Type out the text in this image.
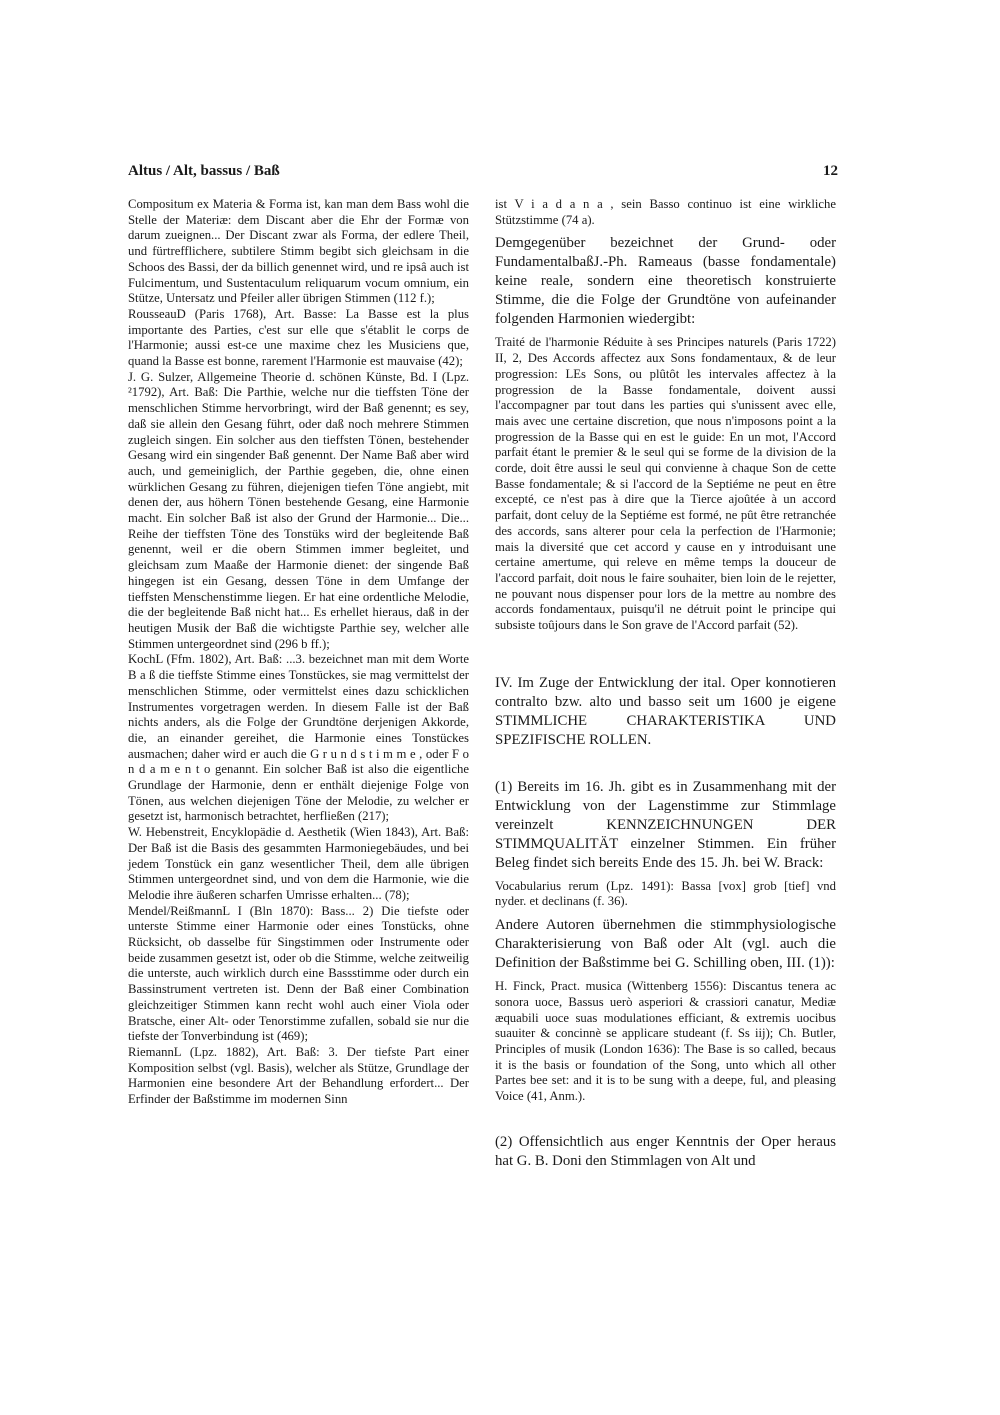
Altus / Alt, bassus / Baß	12

Compositum ex Materia & Forma ist, kan man dem Bass wohl die Stelle der Materiæ: dem Discant aber die Ehr der Formæ von darum zueignen... Der Discant zwar als Forma, der edlere Theil, und fürtrefflichere, subtilere Stimm begibt sich gleichsam in die Schoos des Bassi, der da billich genennet wird, und re ipsâ auch ist Fulcimentum, und Sustentaculum reliquarum vocum omnium, ein Stütze, Untersatz und Pfeiler aller übrigen Stimmen (112 f.);

RousseauD (Paris 1768), Art. Basse: La Basse est la plus importante des Parties, c'est sur elle que s'établit le corps de l'Harmonie; aussi est-ce une maxime chez les Musiciens que, quand la Basse est bonne, rarement l'Harmonie est mauvaise (42);

J. G. Sulzer, Allgemeine Theorie d. schönen Künste, Bd. I (Lpz. ²1792), Art. Baß: Die Parthie, welche nur die tieffsten Töne der menschlichen Stimme hervorbringt, wird der Baß genennt; es sey, daß sie allein den Gesang führt, oder daß noch mehrere Stimmen zugleich singen. Ein solcher aus den tieffsten Tönen, bestehender Gesang wird ein singender Baß genennt. Der Name Baß aber wird auch, und gemeiniglich, der Parthie gegeben, die, ohne einen würklichen Gesang zu führen, diejenigen tiefen Töne angiebt, mit denen der, aus höhern Tönen bestehende Gesang, eine Harmonie macht. Ein solcher Baß ist also der Grund der Harmonie... Die... Reihe der tieffsten Töne des Tonstüks wird der begleitende Baß genennt, weil er die obern Stimmen immer begleitet, und gleichsam zum Maaße der Harmonie dienet: der singende Baß hingegen ist ein Gesang, dessen Töne in dem Umfange der tieffsten Menschenstimme liegen. Er hat eine ordentliche Melodie, die der begleitende Baß nicht hat... Es erhellet hieraus, daß in der heutigen Musik der Baß die wichtigste Parthie sey, welcher alle Stimmen untergeordnet sind (296 b ff.);

KochL (Ffm. 1802), Art. Baß: ...3. bezeichnet man mit dem Worte B a ß die tieffste Stimme eines Tonstückes, sie mag vermittelst der menschlichen Stimme, oder vermittelst eines dazu schicklichen Instrumentes vorgetragen werden. In diesem Falle ist der Baß nichts anders, als die Folge der Grundtöne derjenigen Akkorde, die, an einander gereihet, die Harmonie eines Tonstückes ausmachen; daher wird er auch die G r u n d s t i m m e , oder F o n d a m e n t o genannt. Ein solcher Baß ist also die eigentliche Grundlage der Harmonie, denn er enthält diejenige Folge von Tönen, aus welchen diejenigen Töne der Melodie, zu welcher er gesetzt ist, harmonisch betrachtet, herfließen (217);

W. Hebenstreit, Encyklopädie d. Aesthetik (Wien 1843), Art. Baß: Der Baß ist die Basis des gesammten Harmoniegebäudes, und bei jedem Tonstück ein ganz wesentlicher Theil, dem alle übrigen Stimmen untergeordnet sind, und von dem die Harmonie, wie die Melodie ihre äußeren scharfen Umrisse erhalten... (78);

Mendel/ReißmannL I (Bln 1870): Bass... 2) Die tiefste oder unterste Stimme einer Harmonie oder eines Tonstücks, ohne Rücksicht, ob dasselbe für Singstimmen oder Instrumente oder beide zusammen gesetzt ist, oder ob die Stimme, welche zeitweilig die unterste, auch wirklich durch eine Bassstimme oder durch ein Bassinstrument vertreten ist. Denn der Baß einer Combination gleichzeitiger Stimmen kann recht wohl auch einer Viola oder Bratsche, einer Alt- oder Tenorstimme zufallen, sobald sie nur die tiefste der Tonverbindung ist (469);

RiemannL (Lpz. 1882), Art. Baß: 3. Der tiefste Part einer Komposition selbst (vgl. Basis), welcher als Stütze, Grundlage der Harmonien eine besondere Art der Behandlung erfordert... Der Erfinder der Baßstimme im modernen Sinn

ist V i a d a n a , sein Basso continuo ist eine wirkliche Stützstimme (74 a).

Demgegenüber bezeichnet der Grund- oder FundamentalbaßJ.-Ph. Rameaus (basse fondamentale) keine reale, sondern eine theoretisch konstruierte Stimme, die die Folge der Grundtöne von aufeinander folgenden Harmonien wiedergibt:

Traité de l'harmonie Réduite à ses Principes naturels (Paris 1722) II, 2, Des Accords affectez aux Sons fondamentaux, & de leur progression: LEs Sons, ou plûtôt les intervales affectez à la progression de la Basse fondamentale, doivent aussi l'accompagner par tout dans les parties qui s'unissent avec elle, mais avec une certaine discretion, que nous n'imposons point a la progression de la Basse qui en est le guide: En un mot, l'Accord parfait étant le premier & le seul qui se forme de la division de la corde, doit être aussi le seul qui convienne à chaque Son de cette Basse fondamentale; & si l'accord de la Septiéme ne peut en être excepté, ce n'est pas à dire que la Tierce ajoûtée à un accord parfait, dont celuy de la Septiéme est formé, ne pût être retranchée des accords, sans alterer pour cela la perfection de l'Harmonie; mais la diversité que cet accord y cause en y introduisant une certaine amertume, qui releve en même temps la douceur de l'accord parfait, doit nous le faire souhaiter, bien loin de le rejetter, ne pouvant nous dispenser pour lors de la mettre au nombre des accords fondamentaux, puisqu'il ne détruit point le principe qui subsiste toûjours dans le Son grave de l'Accord parfait (52).

IV. Im Zuge der Entwicklung der ital. Oper konnotieren contralto bzw. alto und basso seit um 1600 je eigene STIMMLICHE CHARAKTERISTIKA UND SPEZIFISCHE ROLLEN.

(1) Bereits im 16. Jh. gibt es in Zusammenhang mit der Entwicklung von der Lagenstimme zur Stimmlage vereinzelt KENNZEICHNUNGEN DER STIMMQUALITÄT einzelner Stimmen. Ein früher Beleg findet sich bereits Ende des 15. Jh. bei W. Brack:

Vocabularius rerum (Lpz. 1491): Bassa [vox] grob [tief] vnd nyder. et declinans (f. 36).

Andere Autoren übernehmen die stimmphysiologische Charakterisierung von Baß oder Alt (vgl. auch die Definition der Baßstimme bei G. Schilling oben, III. (1)):

H. Finck, Pract. musica (Wittenberg 1556): Discantus tenera ac sonora uoce, Bassus uerò asperiori & crassiori canatur, Mediæ æquabili uoce suas modulationes efficiant, & extremis uocibus suauiter & concinnè se applicare studeant (f. Ss iij); Ch. Butler, Principles of musik (London 1636): The Base is so called, becaus it is the basis or foundation of the Song, unto which all other Partes bee set: and it is to be sung with a deepe, ful, and pleasing Voice (41, Anm.).

(2) Offensichtlich aus enger Kenntnis der Oper heraus hat G. B. Doni den Stimmlagen von Alt und
